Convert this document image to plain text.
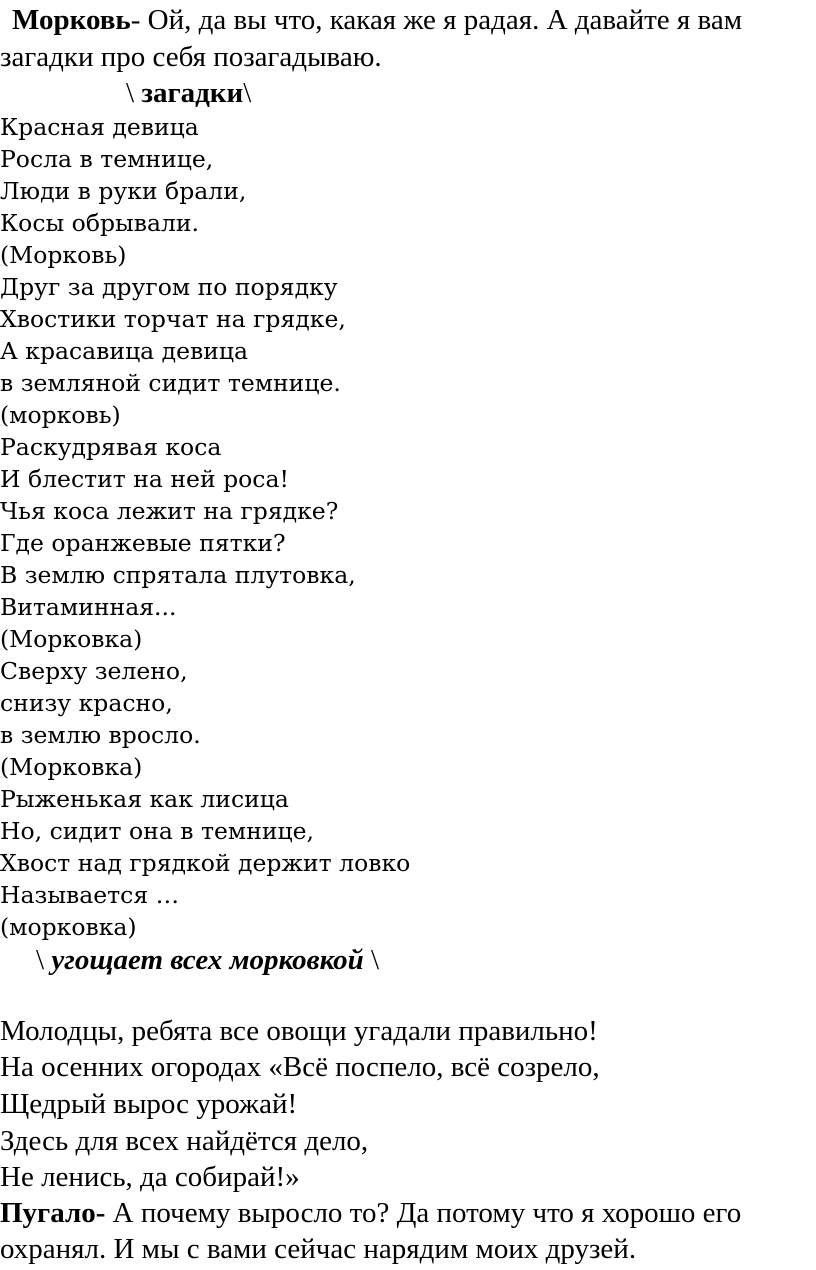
Морковь- Ой, да вы что, какая же я радая. А давайте я вам
загадки про себя позагадываю.
\ загадки\
Красная девица
Росла в темнице,
Люди в руки брали,
Косы обрывали.
(Морковь)
Друг за другом по порядку
Хвостики торчат на грядке,
А красавица девица
в земляной сидит темнице.
(морковь)
Раскудрявая коса
И блестит на ней роса!
Чья коса лежит на грядке?
Где оранжевые пятки?
В землю спрятала плутовка,
Витаминная...
(Морковка)
Сверху зелено,
снизу красно,
в землю вросло.
(Морковка)
Рыженькая как лисица
Но, сидит она в темнице,
Хвост над грядкой держит ловко
Называется …
(морковка)
\ угощает всех морковкой \
Молодцы, ребята все овощи угадали правильно!
На осенних огородах «Всё поспело, всё созрело,
Щедрый вырос урожай!
Здесь для всех найдётся дело,
Не ленись, да собирай!»
Пугало- А почему выросло то? Да потому что я хорошо его
охранял. И мы с вами сейчас нарядим моих друзей.
